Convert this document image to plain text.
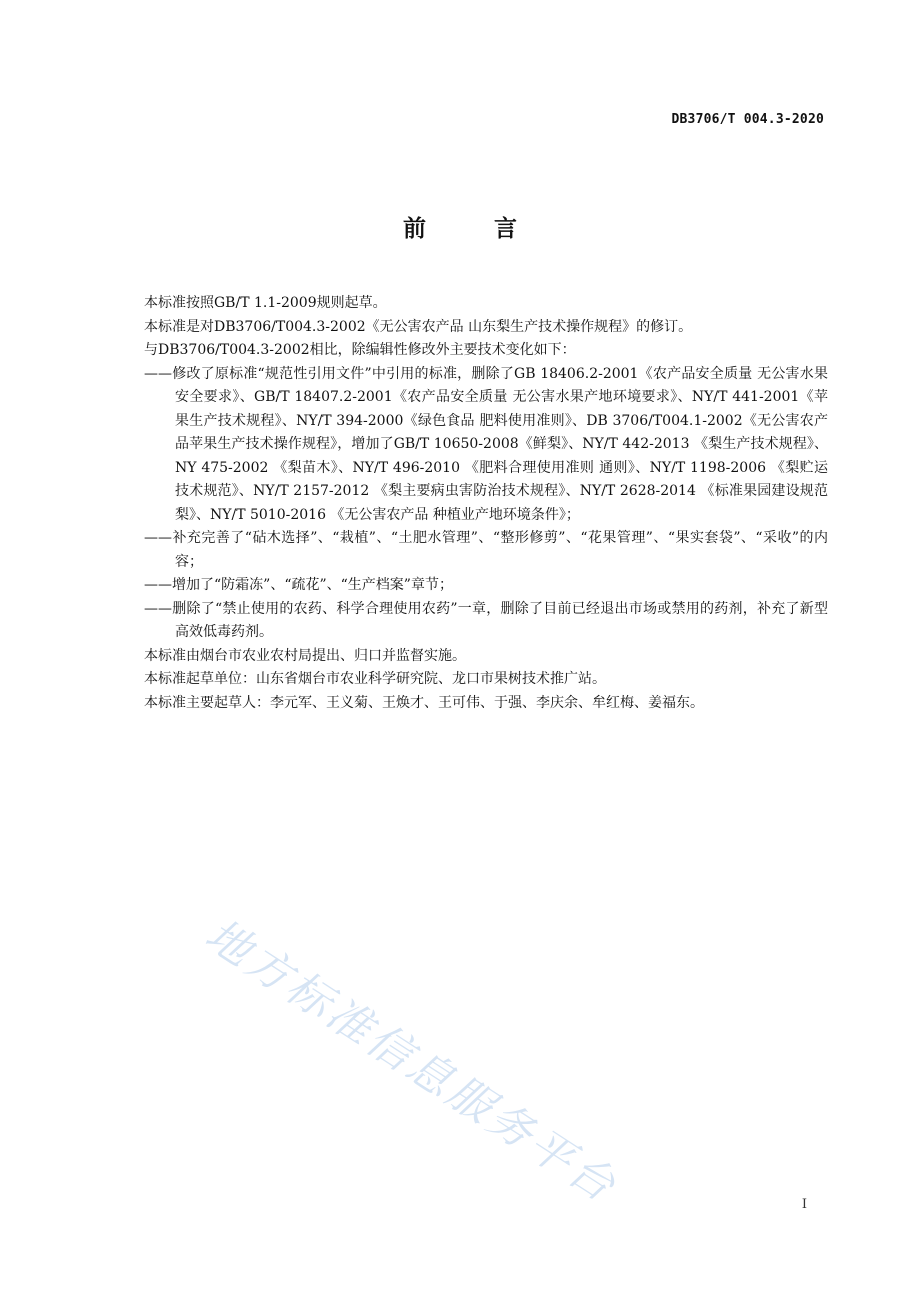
DB3706/T 004.3-2020
前 言

本标准按照GB/T 1.1-2009规则起草。

本标准是对DB3706/T004.3-2002《无公害农产品 山东梨生产技术操作规程》的修订。

与DB3706/T004.3-2002相比，除编辑性修改外主要技术变化如下：

——修改了原标准“规范性引用文件”中引用的标准，删除了GB 18406.2-2001《农产品安全质量 无公害水果安全要求》、GB/T 18407.2-2001《农产品安全质量 无公害水果产地环境要求》、NY/T 441-2001《苹果生产技术规程》、NY/T 394-2000《绿色食品 肥料使用准则》、DB 3706/T004.1-2002《无公害农产品苹果生产技术操作规程》，增加了GB/T 10650-2008《鲜梨》、NY/T 442-2013 《梨生产技术规程》、NY 475-2002 《梨苗木》、NY/T 496-2010 《肥料合理使用准则 通则》、NY/T 1198-2006 《梨贮运技术规范》、NY/T 2157-2012 《梨主要病虫害防治技术规程》、NY/T 2628-2014 《标准果园建设规范 梨》、NY/T 5010-2016 《无公害农产品 种植业产地环境条件》；

——补充完善了“砧木选择”、“栽植”、“土肥水管理”、“整形修剪”、“花果管理”、“果实套袋”、“采收”的内容；

——增加了“防霜冻”、“疏花”、“生产档案”章节；

——删除了“禁止使用的农药、科学合理使用农药”一章，删除了目前已经退出市场或禁用的药剂，补充了新型高效低毒药剂。

本标准由烟台市农业农村局提出、归口并监督实施。

本标准起草单位：山东省烟台市农业科学研究院、龙口市果树技术推广站。

本标准主要起草人：李元军、王义菊、王焕才、王可伟、于强、李庆余、牟红梅、姜福东。

地方标准信息服务平台	I
